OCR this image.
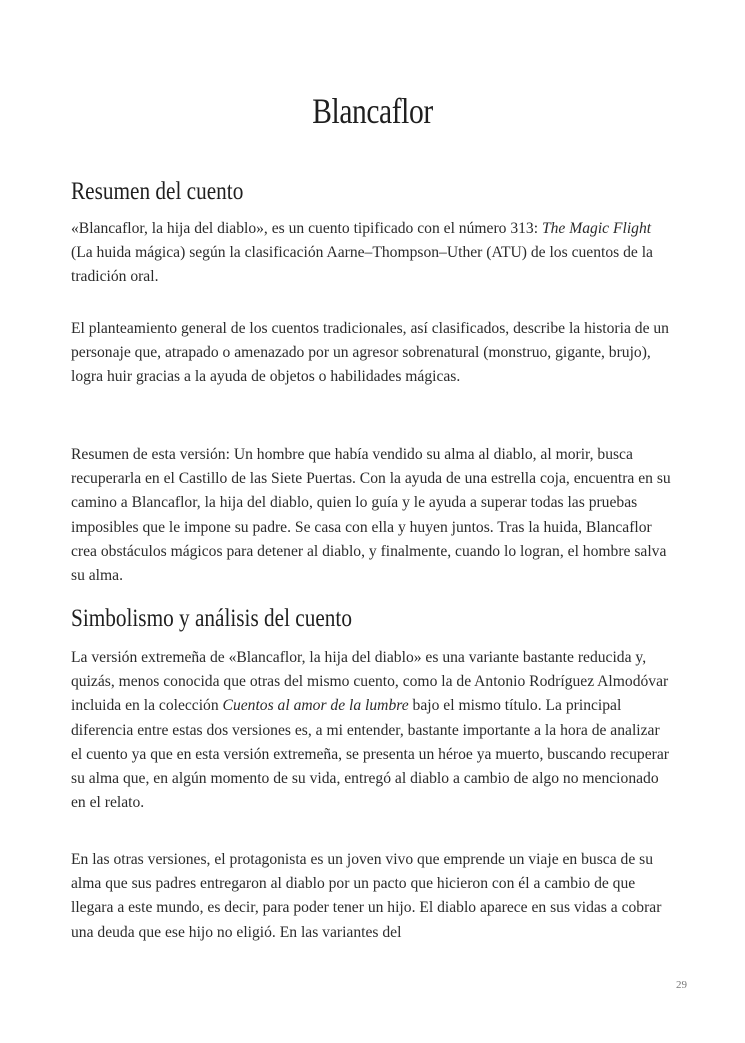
Blancaflor
Resumen del cuento

«Blancaflor, la hija del diablo», es un cuento tipificado con el número 313: The Magic Flight (La huida mágica) según la clasificación Aarne–Thompson–Uther (ATU) de los cuentos de la tradición oral.

El planteamiento general de los cuentos tradicionales, así clasificados, describe la historia de un personaje que, atrapado o amenazado por un agresor sobrenatural (monstruo, gigante, brujo), logra huir gracias a la ayuda de objetos o habilidades mágicas.

Resumen de esta versión: Un hombre que había vendido su alma al diablo, al morir, busca recuperarla en el Castillo de las Siete Puertas. Con la ayuda de una estrella coja, encuentra en su camino a Blancaflor, la hija del diablo, quien lo guía y le ayuda a superar todas las pruebas imposibles que le impone su padre. Se casa con ella y huyen juntos. Tras la huida, Blancaflor crea obstáculos mágicos para detener al diablo, y finalmente, cuando lo logran, el hombre salva su alma.

Simbolismo y análisis del cuento

La versión extremeña de «Blancaflor, la hija del diablo» es una variante bastante reducida y, quizás, menos conocida que otras del mismo cuento, como la de Antonio Rodríguez Almodóvar incluida en la colección Cuentos al amor de la lumbre bajo el mismo título. La principal diferencia entre estas dos versiones es, a mi entender, bastante importante a la hora de analizar el cuento ya que en esta versión extremeña, se presenta un héroe ya muerto, buscando recuperar su alma que, en algún momento de su vida, entregó al diablo a cambio de algo no mencionado en el relato.

En las otras versiones, el protagonista es un joven vivo que emprende un viaje en busca de su alma que sus padres entregaron al diablo por un pacto que hicieron con él a cambio de que llegara a este mundo, es decir, para poder tener un hijo. El diablo aparece en sus vidas a cobrar una deuda que ese hijo no eligió. En las variantes del

29
